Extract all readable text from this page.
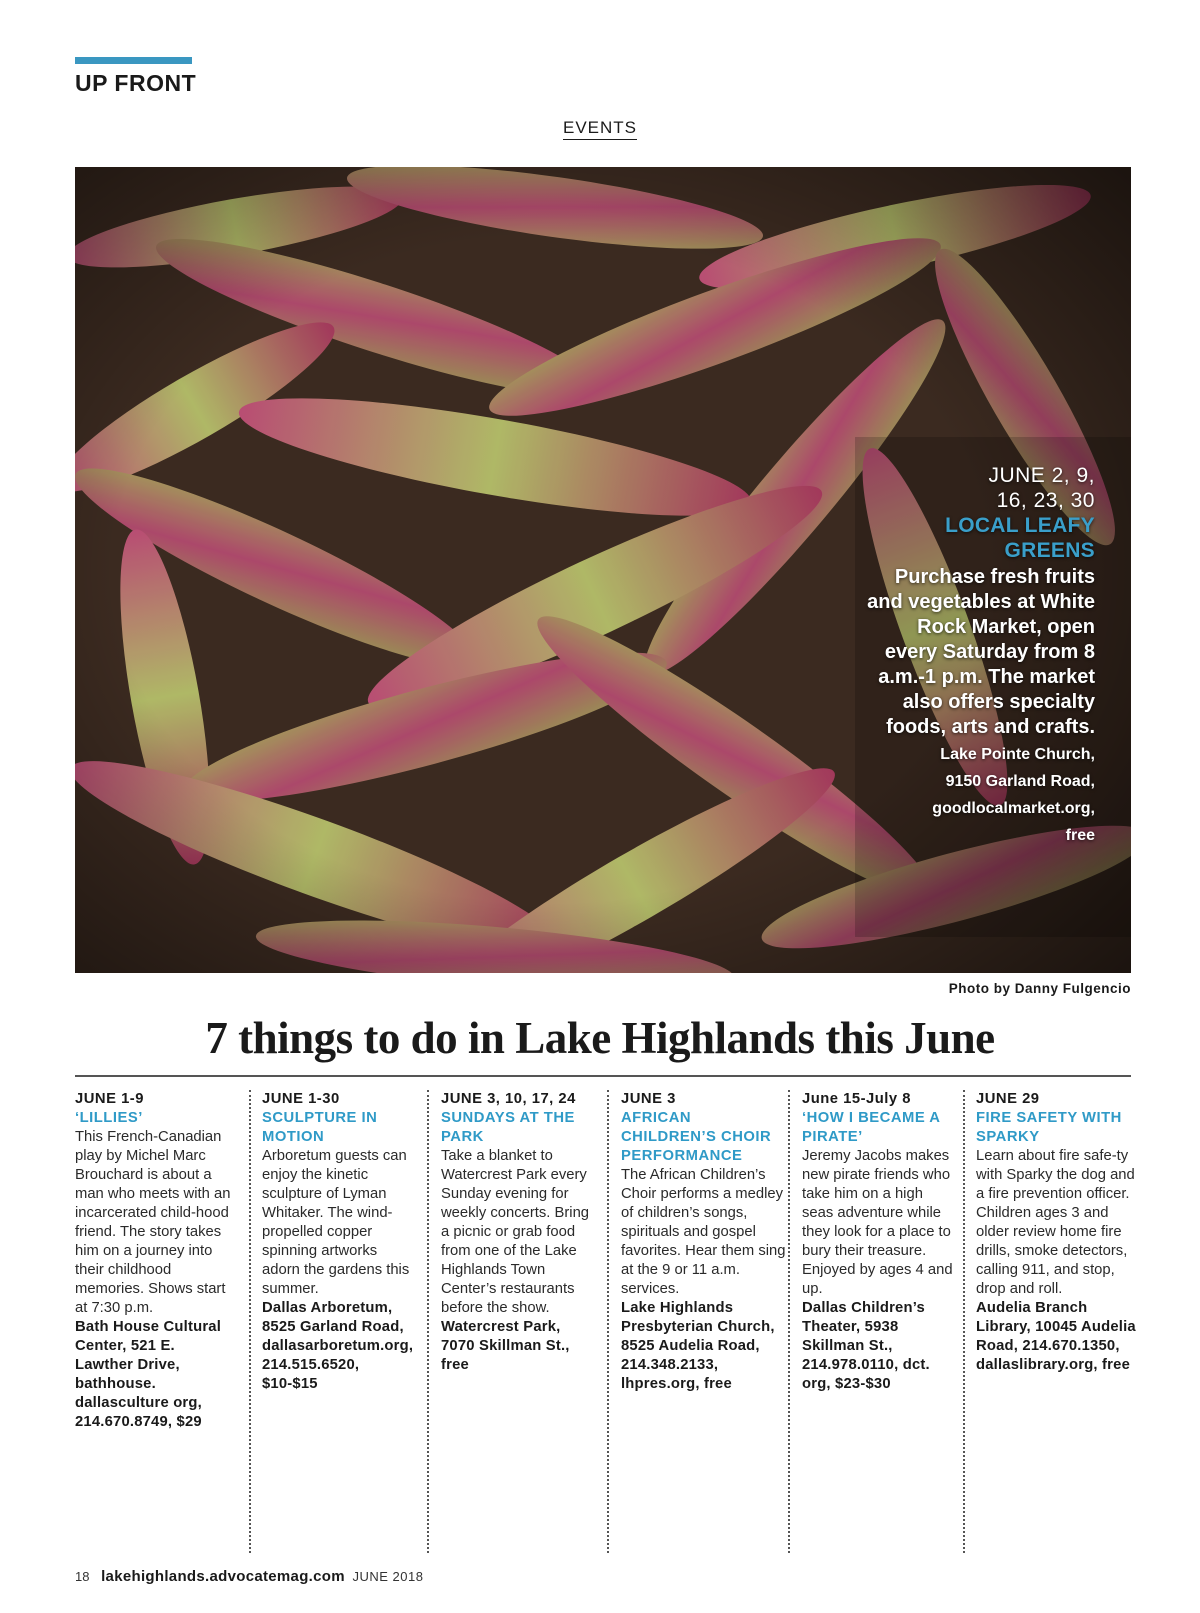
UP FRONT
EVENTS
JUNE 2, 9,
16, 23, 30
LOCAL LEAFY
GREENS
Purchase fresh fruits and vegetables at White Rock Market, open every Saturday from 8 a.m.-1 p.m. The market also offers specialty foods, arts and crafts.
Lake Pointe Church,
9150 Garland Road,
goodlocalmarket.org,
free
Photo by Danny Fulgencio
7 things to do in Lake Highlands this June
JUNE 1-9
‘LILLIES’
This French-Canadian play by Michel Marc Brouchard is about a man who meets with an incarcerated child-hood friend. The story takes him on a journey into their childhood memories. Shows start at 7:30 p.m.
Bath House Cultural Center, 521 E. Lawther Drive, bathhouse. dallasculture org, 214.670.8749, $29
JUNE 1-30
SCULPTURE IN MOTION
Arboretum guests can enjoy the kinetic sculpture of Lyman Whitaker. The wind-propelled copper spinning artworks adorn the gardens this summer.
Dallas Arboretum, 8525 Garland Road, dallasarboretum.org, 214.515.6520, $10-$15
JUNE 3, 10, 17, 24
SUNDAYS AT THE PARK
Take a blanket to Watercrest Park every Sunday evening for weekly concerts. Bring a picnic or grab food from one of the Lake Highlands Town Center’s restaurants before the show.
Watercrest Park, 7070 Skillman St., free
JUNE 3
AFRICAN CHILDREN’S CHOIR PERFORMANCE
The African Children’s Choir performs a medley of children’s songs, spirituals and gospel favorites. Hear them sing at the 9 or 11 a.m. services.
Lake Highlands Presbyterian Church, 8525 Audelia Road, 214.348.2133, lhpres.org, free
June 15-July 8
‘HOW I BECAME A PIRATE’
Jeremy Jacobs makes new pirate friends who take him on a high seas adventure while they look for a place to bury their treasure. Enjoyed by ages 4 and up.
Dallas Children’s Theater, 5938 Skillman St., 214.978.0110, dct. org, $23-$30
JUNE 29
FIRE SAFETY WITH SPARKY
Learn about fire safe-ty with Sparky the dog and a fire prevention officer. Children ages 3 and older review home fire drills, smoke detectors, calling 911, and stop, drop and roll.
Audelia Branch Library, 10045 Audelia Road, 214.670.1350, dallaslibrary.org, free
18 lakehighlands.advocatemag.com JUNE 2018
